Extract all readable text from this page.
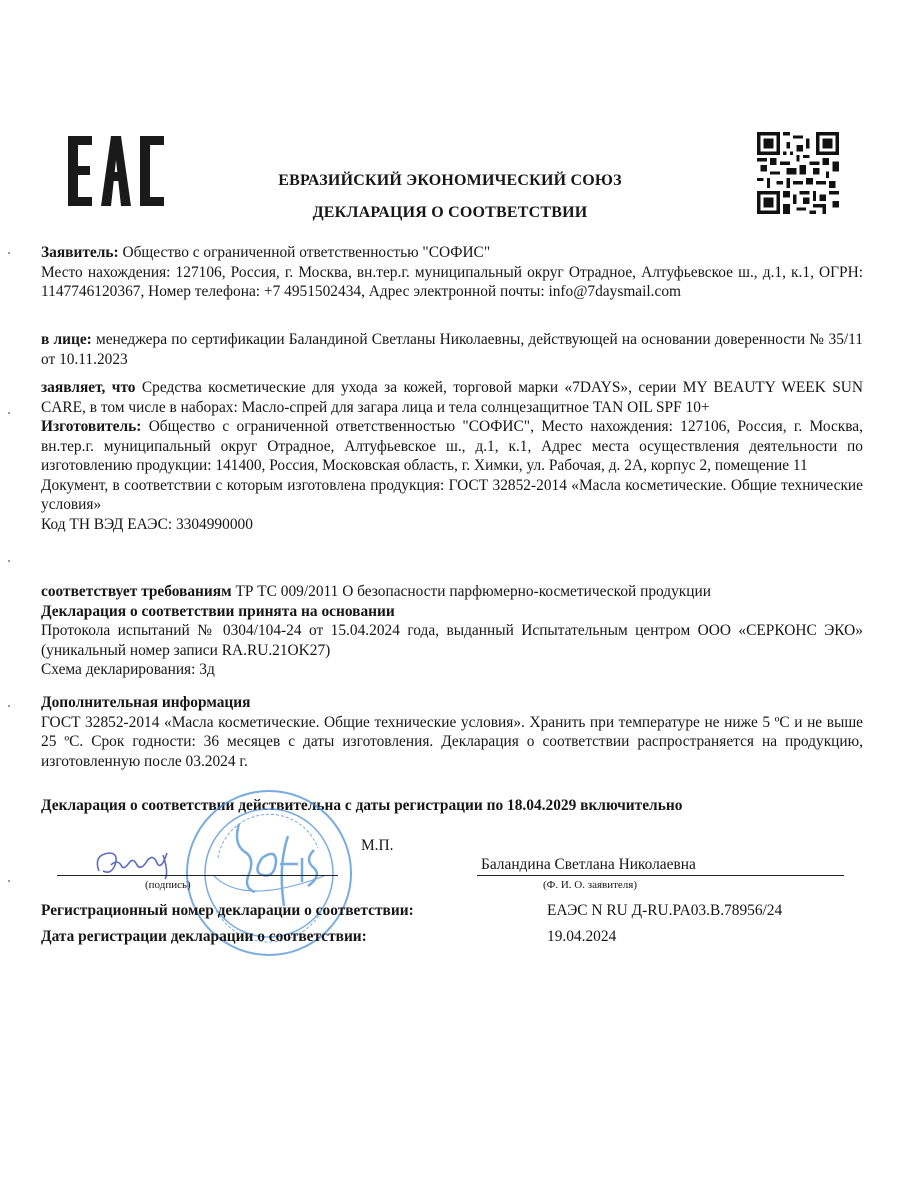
ЕВРАЗИЙСКИЙ ЭКОНОМИЧЕСКИЙ СОЮЗ
ДЕКЛАРАЦИЯ О СООТВЕТСТВИИ

Заявитель: Общество с ограниченной ответственностью "СОФИС"

Место нахождения: 127106, Россия, г. Москва, вн.тер.г. муниципальный округ Отрадное, Алтуфьевское ш., д.1, к.1, ОГРН: 1147746120367, Номер телефона: +7 4951502434, Адрес электронной почты: info@7daysmail.com

в лице: менеджера по сертификации Баландиной Светланы Николаевны, действующей на основании доверенности № 35/11 от 10.11.2023

заявляет, что Средства косметические для ухода за кожей, торговой марки «7DAYS», серии MY BEAUTY WEEK SUN CARE, в том числе в наборах: Масло-спрей для загара лица и тела солнцезащитное TAN OIL SPF 10+

Изготовитель: Общество с ограниченной ответственностью "СОФИС", Место нахождения: 127106, Россия, г. Москва, вн.тер.г. муниципальный округ Отрадное, Алтуфьевское ш., д.1, к.1, Адрес места осуществления деятельности по изготовлению продукции: 141400, Россия, Московская область, г. Химки, ул. Рабочая, д. 2А, корпус 2, помещение 11

Документ, в соответствии с которым изготовлена продукция: ГОСТ 32852-2014 «Масла косметические. Общие технические условия»

Код ТН ВЭД ЕАЭС: 3304990000

соответствует требованиям ТР ТС 009/2011 О безопасности парфюмерно-косметической продукции

Декларация о соответствии принята на основании

Протокола испытаний № 0304/104-24 от 15.04.2024 года, выданный Испытательным центром ООО «СЕРКОНС ЭКО» (уникальный номер записи RA.RU.21OK27)

Схема декларирования: 3д

Дополнительная информация

ГОСТ 32852-2014 «Масла косметические. Общие технические условия». Хранить при температуре не ниже 5 ºС и не выше 25 ºС. Срок годности: 36 месяцев с даты изготовления. Декларация о соответствии распространяется на продукцию, изготовленную после 03.2024 г.

Декларация о соответствии действительна с даты регистрации по 18.04.2029 включительно
М.П.
Баландина Светлана Николаевна
(подпись)	(Ф. И. О. заявителя)
Регистрационный номер декларации о соответствии:	ЕАЭС N RU Д-RU.PA03.B.78956/24
Дата регистрации декларации о соответствии:	19.04.2024
